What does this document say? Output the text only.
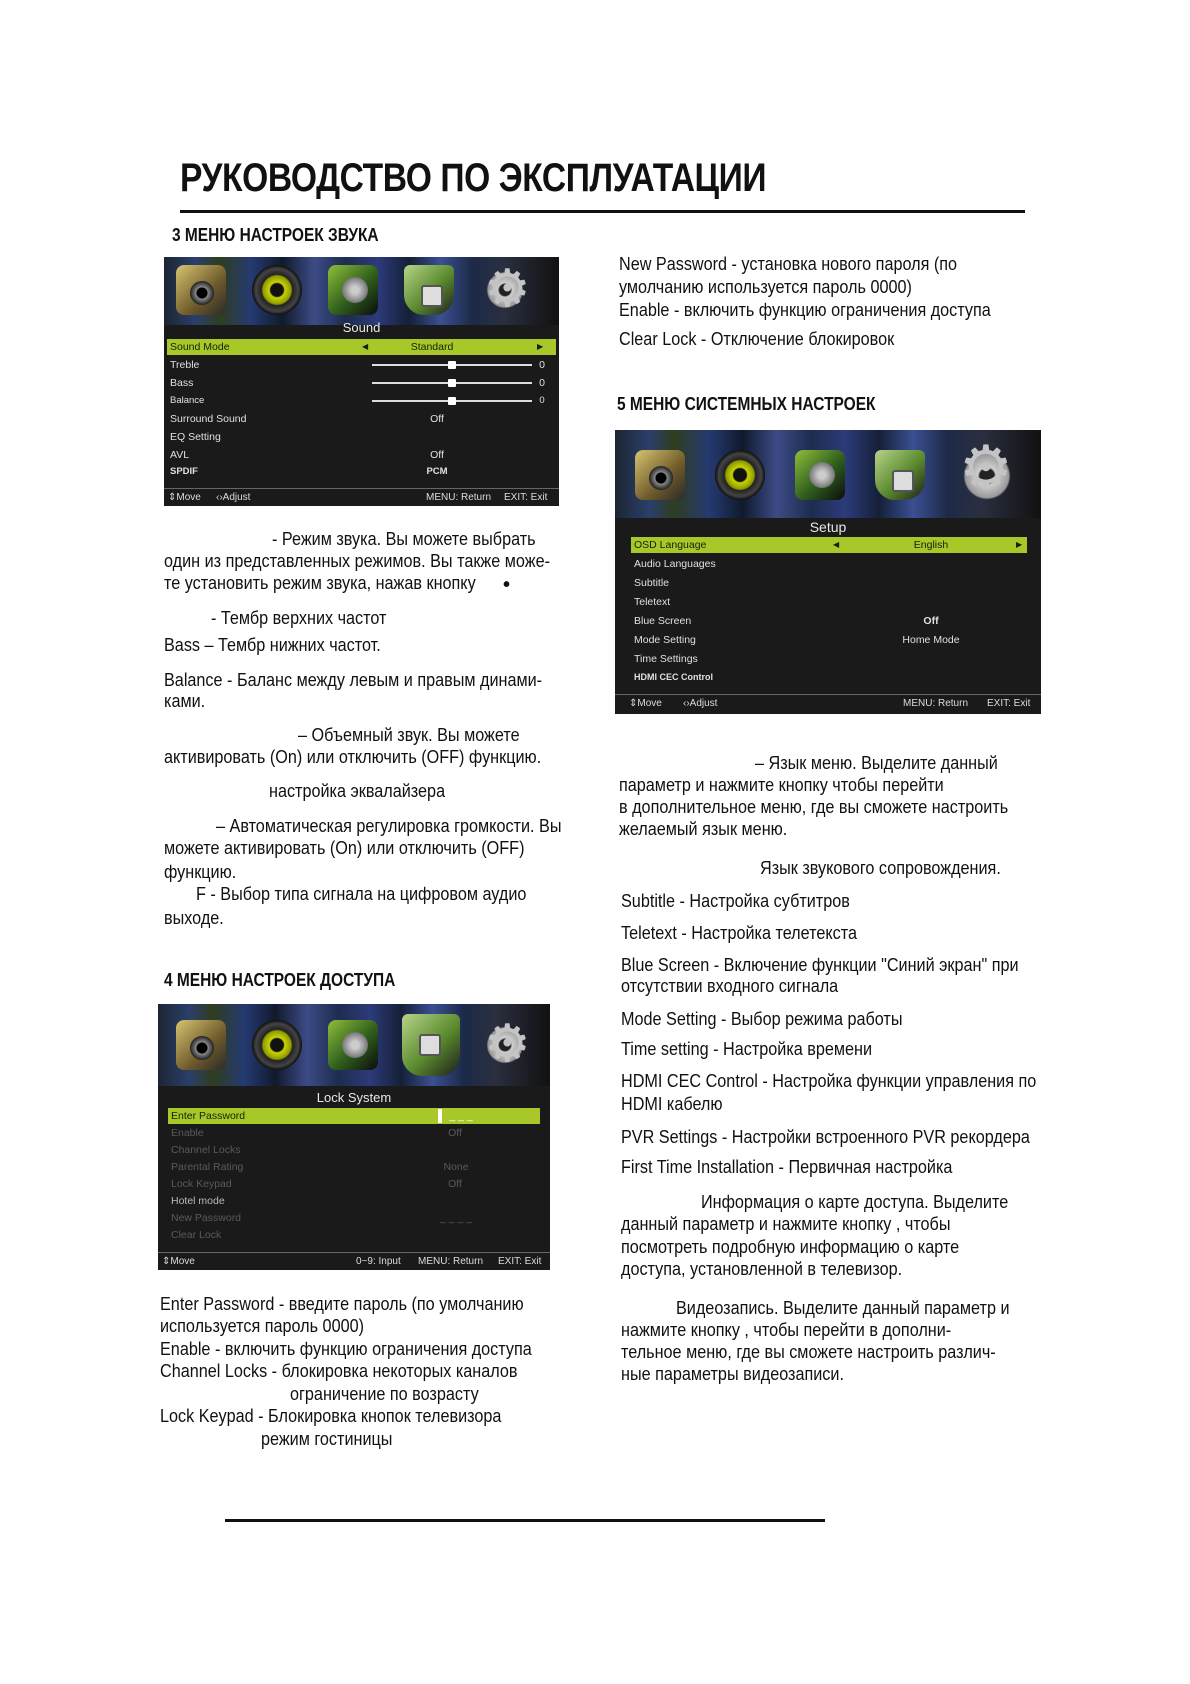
РУКОВОДСТВО ПО ЭКСПЛУАТАЦИИ
3 МЕНЮ НАСТРОЕК ЗВУКА
⚙
Sound
Sound Mode	◀	Standard	▶
Treble	0
Bass	0
Balance	0
Surround Sound	Off
EQ Setting
AVL	Off
SPDIF	PCM
⇕ Move ‹› Adjust	MENU: Return EXIT: Exit
- Режим звука. Вы можете выбрать
один из представленных режимов. Вы также може-
те установить режим звука, нажав кнопку •
- Тембр верхних частот
Bass – Тембр нижних частот.
Balance - Баланс между левым и правым динами-
ками.
– Объемный звук. Вы можете
активировать (On) или отключить (OFF) функцию.
настройка эквалайзера
– Автоматическая регулировка громкости. Вы
можете активировать (On) или отключить (OFF)
функцию.
F - Выбор типа сигнала на цифровом аудио
выходе.
4 МЕНЮ НАСТРОЕК ДОСТУПА
⚙
Lock System
Enter Password	_ _ _
Enable	Off
Channel Locks
Parental Rating	None
Lock Keypad	Off
Hotel mode
New Password	_ _ _ _
Clear Lock
⇕ Move	0~9: Input MENU: Return EXIT: Exit
Enter Password - введите пароль (по умолчанию
используется пароль 0000)
Enable - включить функцию ограничения доступа
Channel Locks - блокировка некоторых каналов
ограничение по возрасту
Lock Keypad - Блокировка кнопок телевизора
режим гостиницы
New Password - установка нового пароля (по
умолчанию используется пароль 0000)
Enable - включить функцию ограничения доступа
Clear Lock - Отключение блокировок
5 МЕНЮ СИСТЕМНЫХ НАСТРОЕК
⚙
Setup
OSD Language	◀	English	▶
Audio Languages
Subtitle
Teletext
Blue Screen	Off
Mode Setting	Home Mode
Time Settings
HDMI CEC Control
⇕ Move ‹› Adjust	MENU: Return EXIT: Exit
– Язык меню. Выделите данный
параметр и нажмите кнопку чтобы перейти
в дополнительное меню, где вы сможете настроить
желаемый язык меню.
Язык звукового сопровождения.
Subtitle - Настройка субтитров
Teletext - Настройка телетекста
Blue Screen - Включение функции "Синий экран" при
отсутствии входного сигнала
Mode Setting - Выбор режима работы
Time setting - Настройка времени
HDMI CEC Control - Настройка функции управления по
HDMI кабелю
PVR Settings - Настройки встроенного PVR рекордера
First Time Installation - Первичная настройка
Информация о карте доступа. Выделите
данный параметр и нажмите кнопку , чтобы
посмотреть подробную информацию о карте
доступа, установленной в телевизор.
Видеозапись. Выделите данный параметр и
нажмите кнопку , чтобы перейти в дополни-
тельное меню, где вы сможете настроить различ-
ные параметры видеозаписи.
